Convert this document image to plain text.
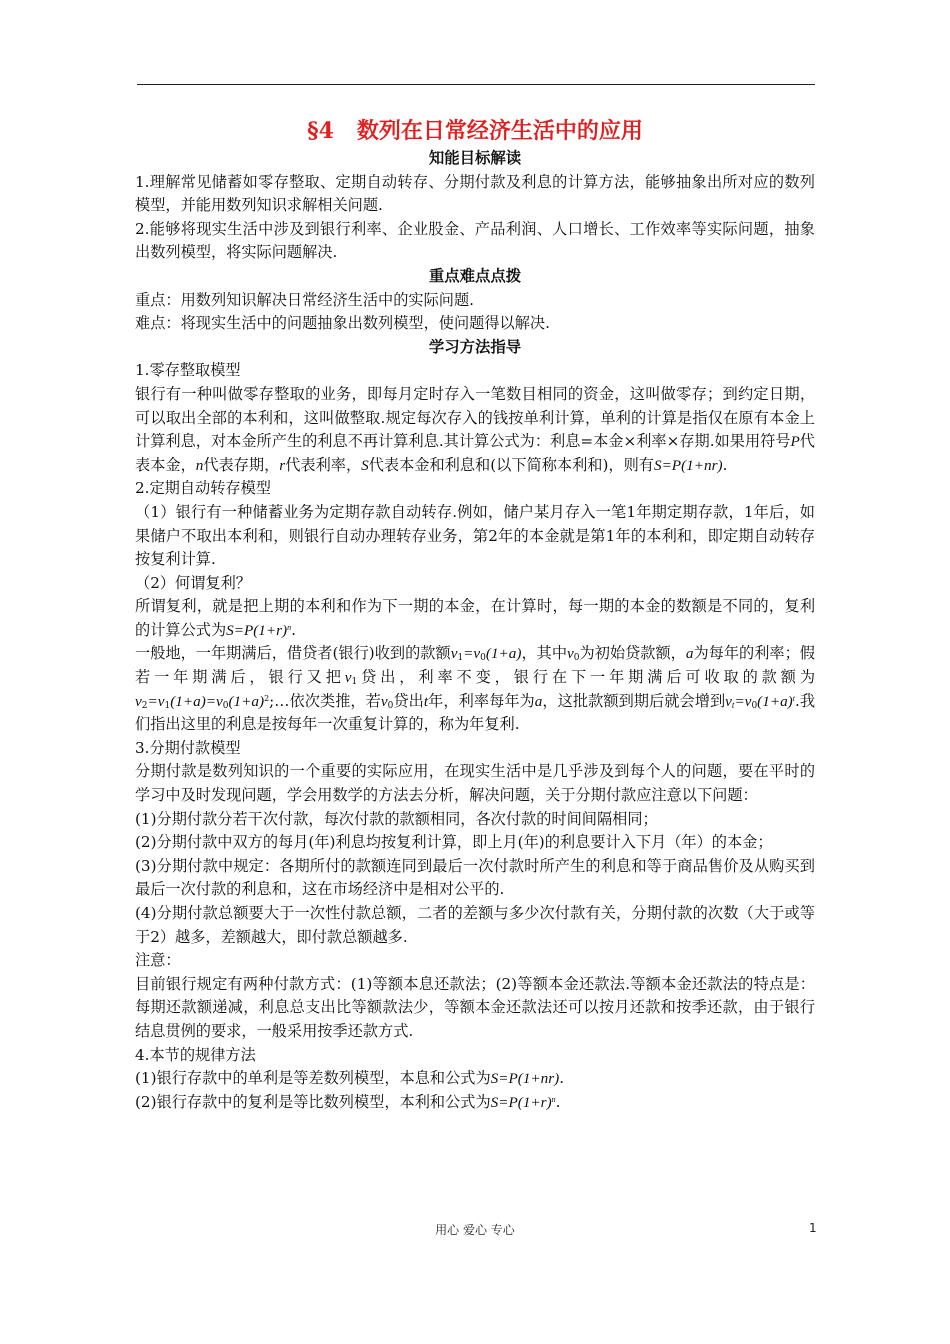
§4   数列在日常经济生活中的应用
知能目标解读
1.理解常见储蓄如零存整取、定期自动转存、分期付款及利息的计算方法，能够抽象出所对应的数列模型，并能用数列知识求解相关问题.
2.能够将现实生活中涉及到银行利率、企业股金、产品利润、人口增长、工作效率等实际问题，抽象出数列模型，将实际问题解决.
重点难点点拨
重点：用数列知识解决日常经济生活中的实际问题.
难点：将现实生活中的问题抽象出数列模型，使问题得以解决.
学习方法指导
1.零存整取模型
银行有一种叫做零存整取的业务，即每月定时存入一笔数目相同的资金，这叫做零存；到约定日期，可以取出全部的本利和，这叫做整取.规定每次存入的钱按单利计算，单利的计算是指仅在原有本金上计算利息，对本金所产生的利息不再计算利息.其计算公式为：利息=本金×利率×存期.如果用符号P代表本金，n代表存期，r代表利率，S代表本金和利息和(以下简称本利和)，则有S=P(1+nr).
2.定期自动转存模型
（1）银行有一种储蓄业务为定期存款自动转存.例如，储户某月存入一笔1年期定期存款，1年后，如果储户不取出本利和，则银行自动办理转存业务，第2年的本金就是第1年的本利和，即定期自动转存按复利计算.
（2）何谓复利？
所谓复利，就是把上期的本利和作为下一期的本金，在计算时，每一期的本金的数额是不同的，复利的计算公式为$S=P(1+r)^n$.
一般地，一年期满后，借贷者(银行)收到的款额$v_1=v_0(1+a)$，其中$v_0$为初始贷款额，a为每年的利率；假若一年期满后，银行又把$v_1$贷出，利率不变，银行在下一年期满后可收取的款额为$v_2=v_1(1+a)=v_0(1+a)^2;\dots$依次类推，若$v_0$贷出t年，利率每年为a，这批款额到期后就会增到$v_t=v_0(1+a)^t$.我们指出这里的利息是按每年一次重复计算的，称为年复利.
3.分期付款模型
分期付款是数列知识的一个重要的实际应用，在现实生活中是几乎涉及到每个人的问题，要在平时的学习中及时发现问题，学会用数学的方法去分析，解决问题，关于分期付款应注意以下问题：
(1)分期付款分若干次付款，每次付款的款额相同，各次付款的时间间隔相同；
(2)分期付款中双方的每月(年)利息均按复利计算，即上月(年)的利息要计入下月（年）的本金；
(3)分期付款中规定：各期所付的款额连同到最后一次付款时所产生的利息和等于商品售价及从购买到最后一次付款的利息和，这在市场经济中是相对公平的.
(4)分期付款总额要大于一次性付款总额，二者的差额与多少次付款有关，分期付款的次数（大于或等于2）越多，差额越大，即付款总额越多.
注意：
目前银行规定有两种付款方式：(1)等额本息还款法；(2)等额本金还款法.等额本金还款法的特点是：每期还款额递减，利息总支出比等额款法少，等额本金还款法还可以按月还款和按季还款，由于银行结息贯例的要求，一般采用按季还款方式.
4.本节的规律方法
(1)银行存款中的单利是等差数列模型，本息和公式为S=P(1+nr).
(2)银行存款中的复利是等比数列模型，本利和公式为$S=P(1+r)^n$.
用心 爱心 专心	1
